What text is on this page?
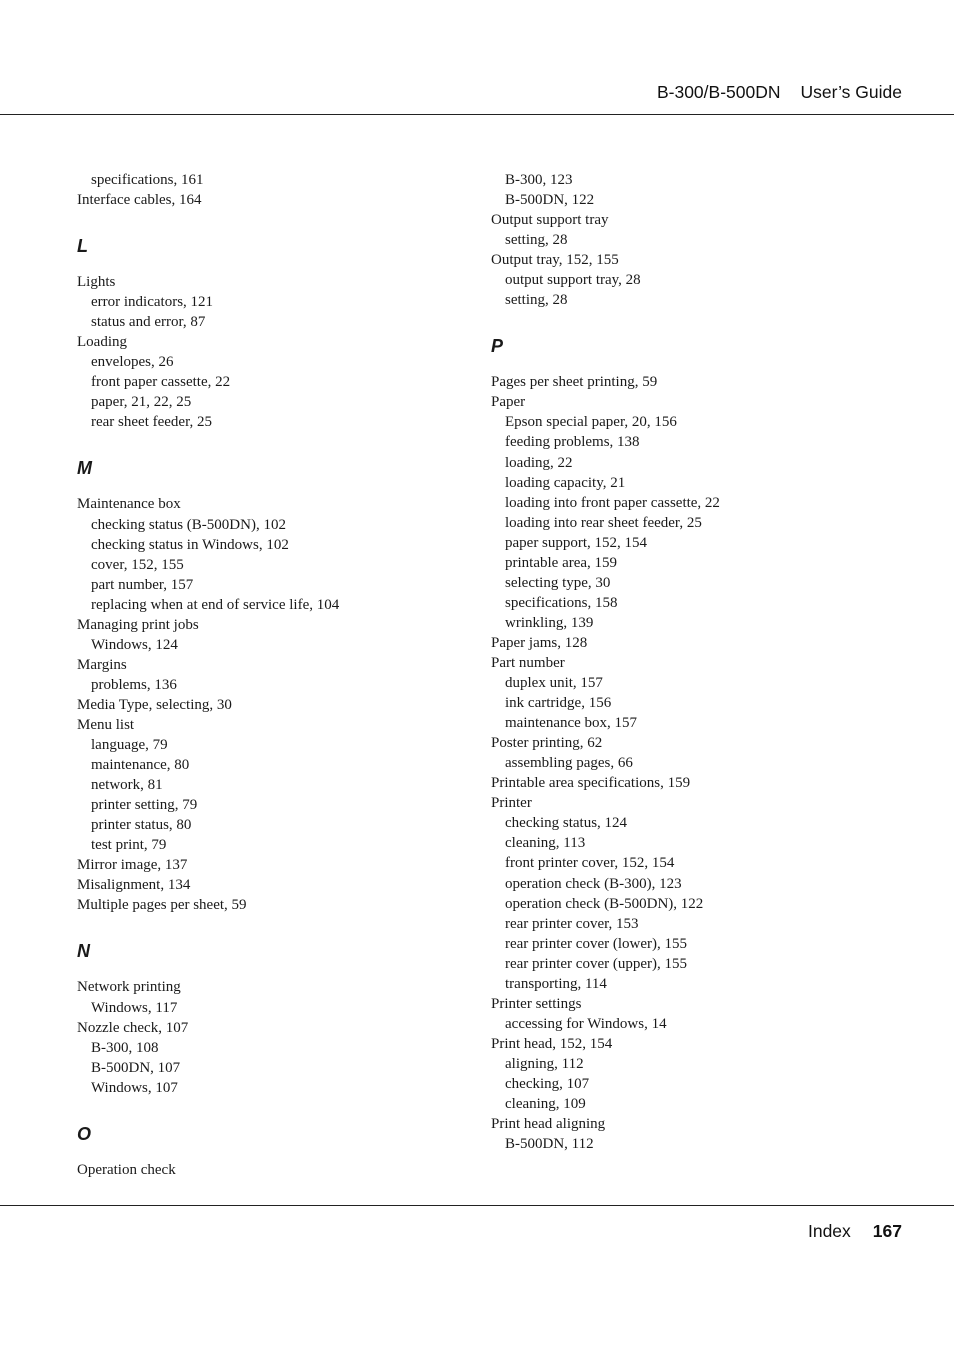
B-300/B-500DN User’s Guide
specifications, 161
Interface cables, 164
L
Lights
error indicators, 121
status and error, 87
Loading
envelopes, 26
front paper cassette, 22
paper, 21, 22, 25
rear sheet feeder, 25
M
Maintenance box
checking status (B-500DN), 102
checking status in Windows, 102
cover, 152, 155
part number, 157
replacing when at end of service life, 104
Managing print jobs
Windows, 124
Margins
problems, 136
Media Type, selecting, 30
Menu list
language, 79
maintenance, 80
network, 81
printer setting, 79
printer status, 80
test print, 79
Mirror image, 137
Misalignment, 134
Multiple pages per sheet, 59
N
Network printing
Windows, 117
Nozzle check, 107
B-300, 108
B-500DN, 107
Windows, 107
O
Operation check
B-300, 123
B-500DN, 122
Output support tray
setting, 28
Output tray, 152, 155
output support tray, 28
setting, 28
P
Pages per sheet printing, 59
Paper
Epson special paper, 20, 156
feeding problems, 138
loading, 22
loading capacity, 21
loading into front paper cassette, 22
loading into rear sheet feeder, 25
paper support, 152, 154
printable area, 159
selecting type, 30
specifications, 158
wrinkling, 139
Paper jams, 128
Part number
duplex unit, 157
ink cartridge, 156
maintenance box, 157
Poster printing, 62
assembling pages, 66
Printable area specifications, 159
Printer
checking status, 124
cleaning, 113
front printer cover, 152, 154
operation check (B-300), 123
operation check (B-500DN), 122
rear printer cover, 153
rear printer cover (lower), 155
rear printer cover (upper), 155
transporting, 114
Printer settings
accessing for Windows, 14
Print head, 152, 154
aligning, 112
checking, 107
cleaning, 109
Print head aligning
B-500DN, 112
Index 167
